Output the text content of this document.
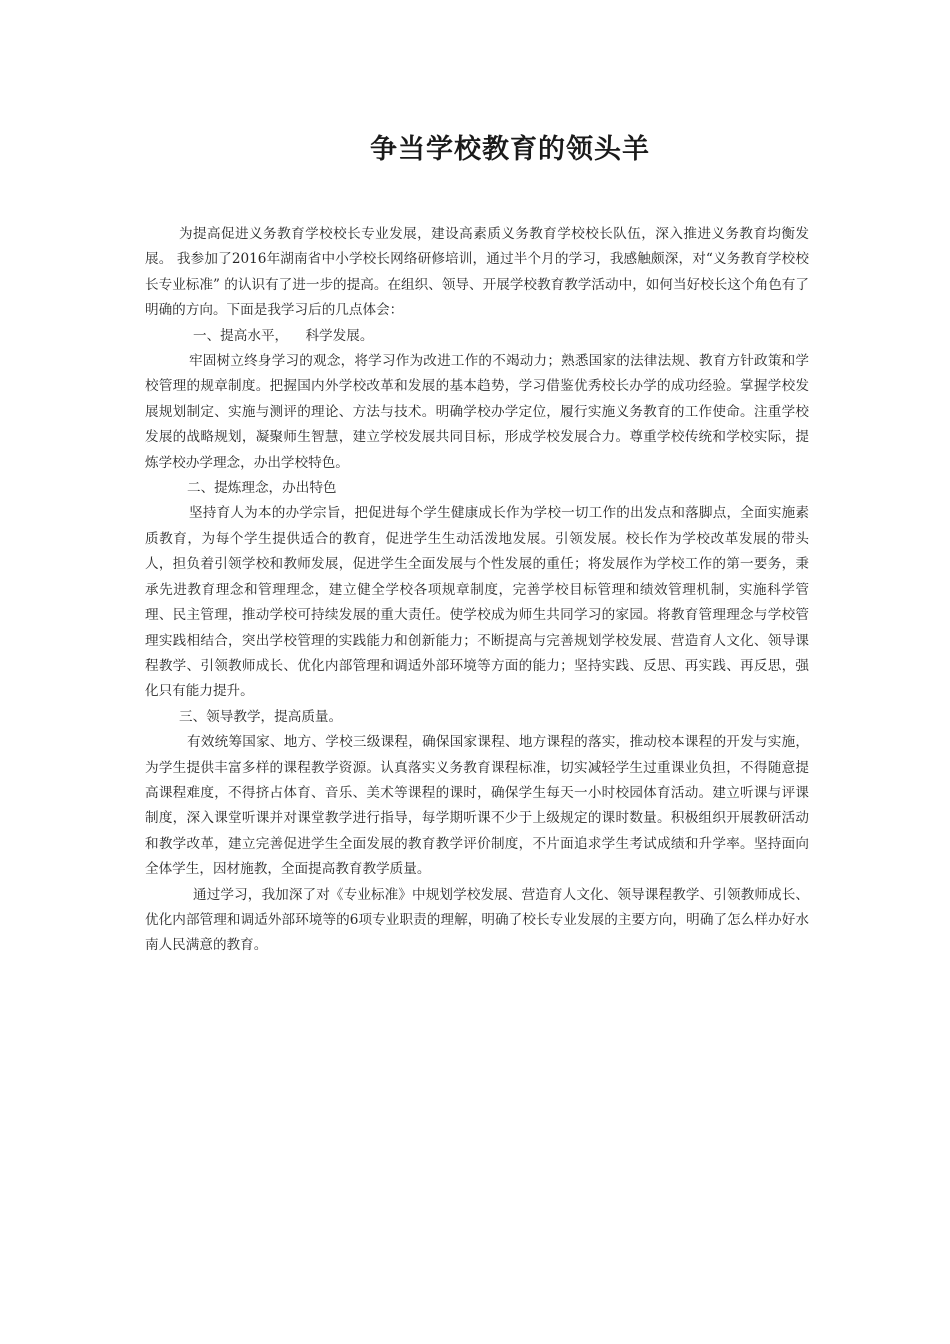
争当学校教育的领头羊

为提高促进义务教育学校校长专业发展，建设高素质义务教育学校校长队伍，深入推进义务教育均衡发展。 我参加了2016年湖南省中小学校长网络研修培训，通过半个月的学习，我感触颇深，对“义务教育学校校长专业标准” 的认识有了进一步的提高。在组织、领导、开展学校教育教学活动中，如何当好校长这个角色有了明确的方向。下面是我学习后的几点体会：

一、提高水平，    科学发展。

牢固树立终身学习的观念，将学习作为改进工作的不竭动力；熟悉国家的法律法规、教育方针政策和学校管理的规章制度。把握国内外学校改革和发展的基本趋势，学习借鉴优秀校长办学的成功经验。掌握学校发展规划制定、实施与测评的理论、方法与技术。明确学校办学定位，履行实施义务教育的工作使命。注重学校发展的战略规划，凝聚师生智慧，建立学校发展共同目标，形成学校发展合力。尊重学校传统和学校实际，提炼学校办学理念，办出学校特色。

二、提炼理念，办出特色

坚持育人为本的办学宗旨，把促进每个学生健康成长作为学校一切工作的出发点和落脚点，全面实施素质教育，为每个学生提供适合的教育，促进学生生动活泼地发展。引领发展。校长作为学校改革发展的带头人，担负着引领学校和教师发展，促进学生全面发展与个性发展的重任；将发展作为学校工作的第一要务，秉承先进教育理念和管理理念，建立健全学校各项规章制度，完善学校目标管理和绩效管理机制，实施科学管理、民主管理，推动学校可持续发展的重大责任。使学校成为师生共同学习的家园。将教育管理理念与学校管理实践相结合，突出学校管理的实践能力和创新能力；不断提高与完善规划学校发展、营造育人文化、领导课程教学、引领教师成长、优化内部管理和调适外部环境等方面的能力；坚持实践、反思、再实践、再反思，强化只有能力提升。

三、领导教学，提高质量。

有效统筹国家、地方、学校三级课程，确保国家课程、地方课程的落实，推动校本课程的开发与实施，为学生提供丰富多样的课程教学资源。认真落实义务教育课程标准，切实减轻学生过重课业负担，不得随意提高课程难度，不得挤占体育、音乐、美术等课程的课时，确保学生每天一小时校园体育活动。建立听课与评课制度，深入课堂听课并对课堂教学进行指导，每学期听课不少于上级规定的课时数量。积极组织开展教研活动和教学改革，建立完善促进学生全面发展的教育教学评价制度，不片面追求学生考试成绩和升学率。坚持面向全体学生，因材施教，全面提高教育教学质量。

通过学习，我加深了对《专业标准》中规划学校发展、营造育人文化、领导课程教学、引领教师成长、优化内部管理和调适外部环境等的6项专业职责的理解，明确了校长专业发展的主要方向，明确了怎么样办好水南人民满意的教育。
